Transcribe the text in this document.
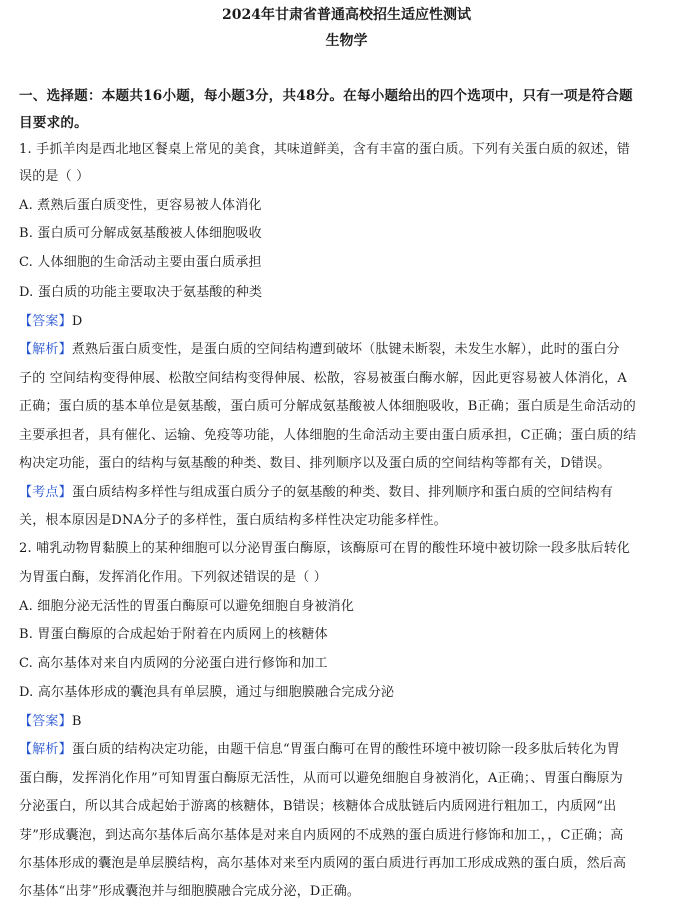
2024年甘肃省普通高校招生适应性测试
生物学
一、选择题：本题共16小题，每小题3分，共48分。在每小题给出的四个选项中，只有一项是符合题
目要求的。
1. 手抓羊肉是西北地区餐桌上常见的美食，其味道鲜美，含有丰富的蛋白质。下列有关蛋白质的叙述，错
误的是（ ）
A. 煮熟后蛋白质变性，更容易被人体消化
B. 蛋白质可分解成氨基酸被人体细胞吸收
C. 人体细胞的生命活动主要由蛋白质承担
D. 蛋白质的功能主要取决于氨基酸的种类
【答案】D
【解析】煮熟后蛋白质变性，是蛋白质的空间结构遭到破坏（肽键未断裂，未发生水解），此时的蛋白分
子的 空间结构变得伸展、松散空间结构变得伸展、松散，容易被蛋白酶水解，因此更容易被人体消化，A
正确；蛋白质的基本单位是氨基酸，蛋白质可分解成氨基酸被人体细胞吸收，B正确；蛋白质是生命活动的
主要承担者，具有催化、运输、免疫等功能，人体细胞的生命活动主要由蛋白质承担，C正确；蛋白质的结
构决定功能，蛋白的结构与氨基酸的种类、数目、排列顺序以及蛋白质的空间结构等都有关，D错误。
【考点】蛋白质结构多样性与组成蛋白质分子的氨基酸的种类、数目、排列顺序和蛋白质的空间结构有
关，根本原因是DNA分子的多样性，蛋白质结构多样性决定功能多样性。
2. 哺乳动物胃黏膜上的某种细胞可以分泌胃蛋白酶原，该酶原可在胃的酸性环境中被切除一段多肽后转化
为胃蛋白酶，发挥消化作用。下列叙述错误的是（ ）
A. 细胞分泌无活性的胃蛋白酶原可以避免细胞自身被消化
B. 胃蛋白酶原的合成起始于附着在内质网上的核糖体
C. 高尔基体对来自内质网的分泌蛋白进行修饰和加工
D. 高尔基体形成的囊泡具有单层膜，通过与细胞膜融合完成分泌
【答案】B
【解析】蛋白质的结构决定功能，由题干信息“胃蛋白酶可在胃的酸性环境中被切除一段多肽后转化为胃
蛋白酶，发挥消化作用”可知胃蛋白酶原无活性，从而可以避免细胞自身被消化，A正确；、胃蛋白酶原为
分泌蛋白，所以其合成起始于游离的核糖体，B错误；核糖体合成肽链后内质网进行粗加工，内质网“出
芽”形成囊泡，到达高尔基体后高尔基体是对来自内质网的不成熟的蛋白质进行修饰和加工，，C正确；高
尔基体形成的囊泡是单层膜结构，高尔基体对来至内质网的蛋白质进行再加工形成成熟的蛋白质，然后高
尔基体“出芽”形成囊泡并与细胞膜融合完成分泌，D正确。
